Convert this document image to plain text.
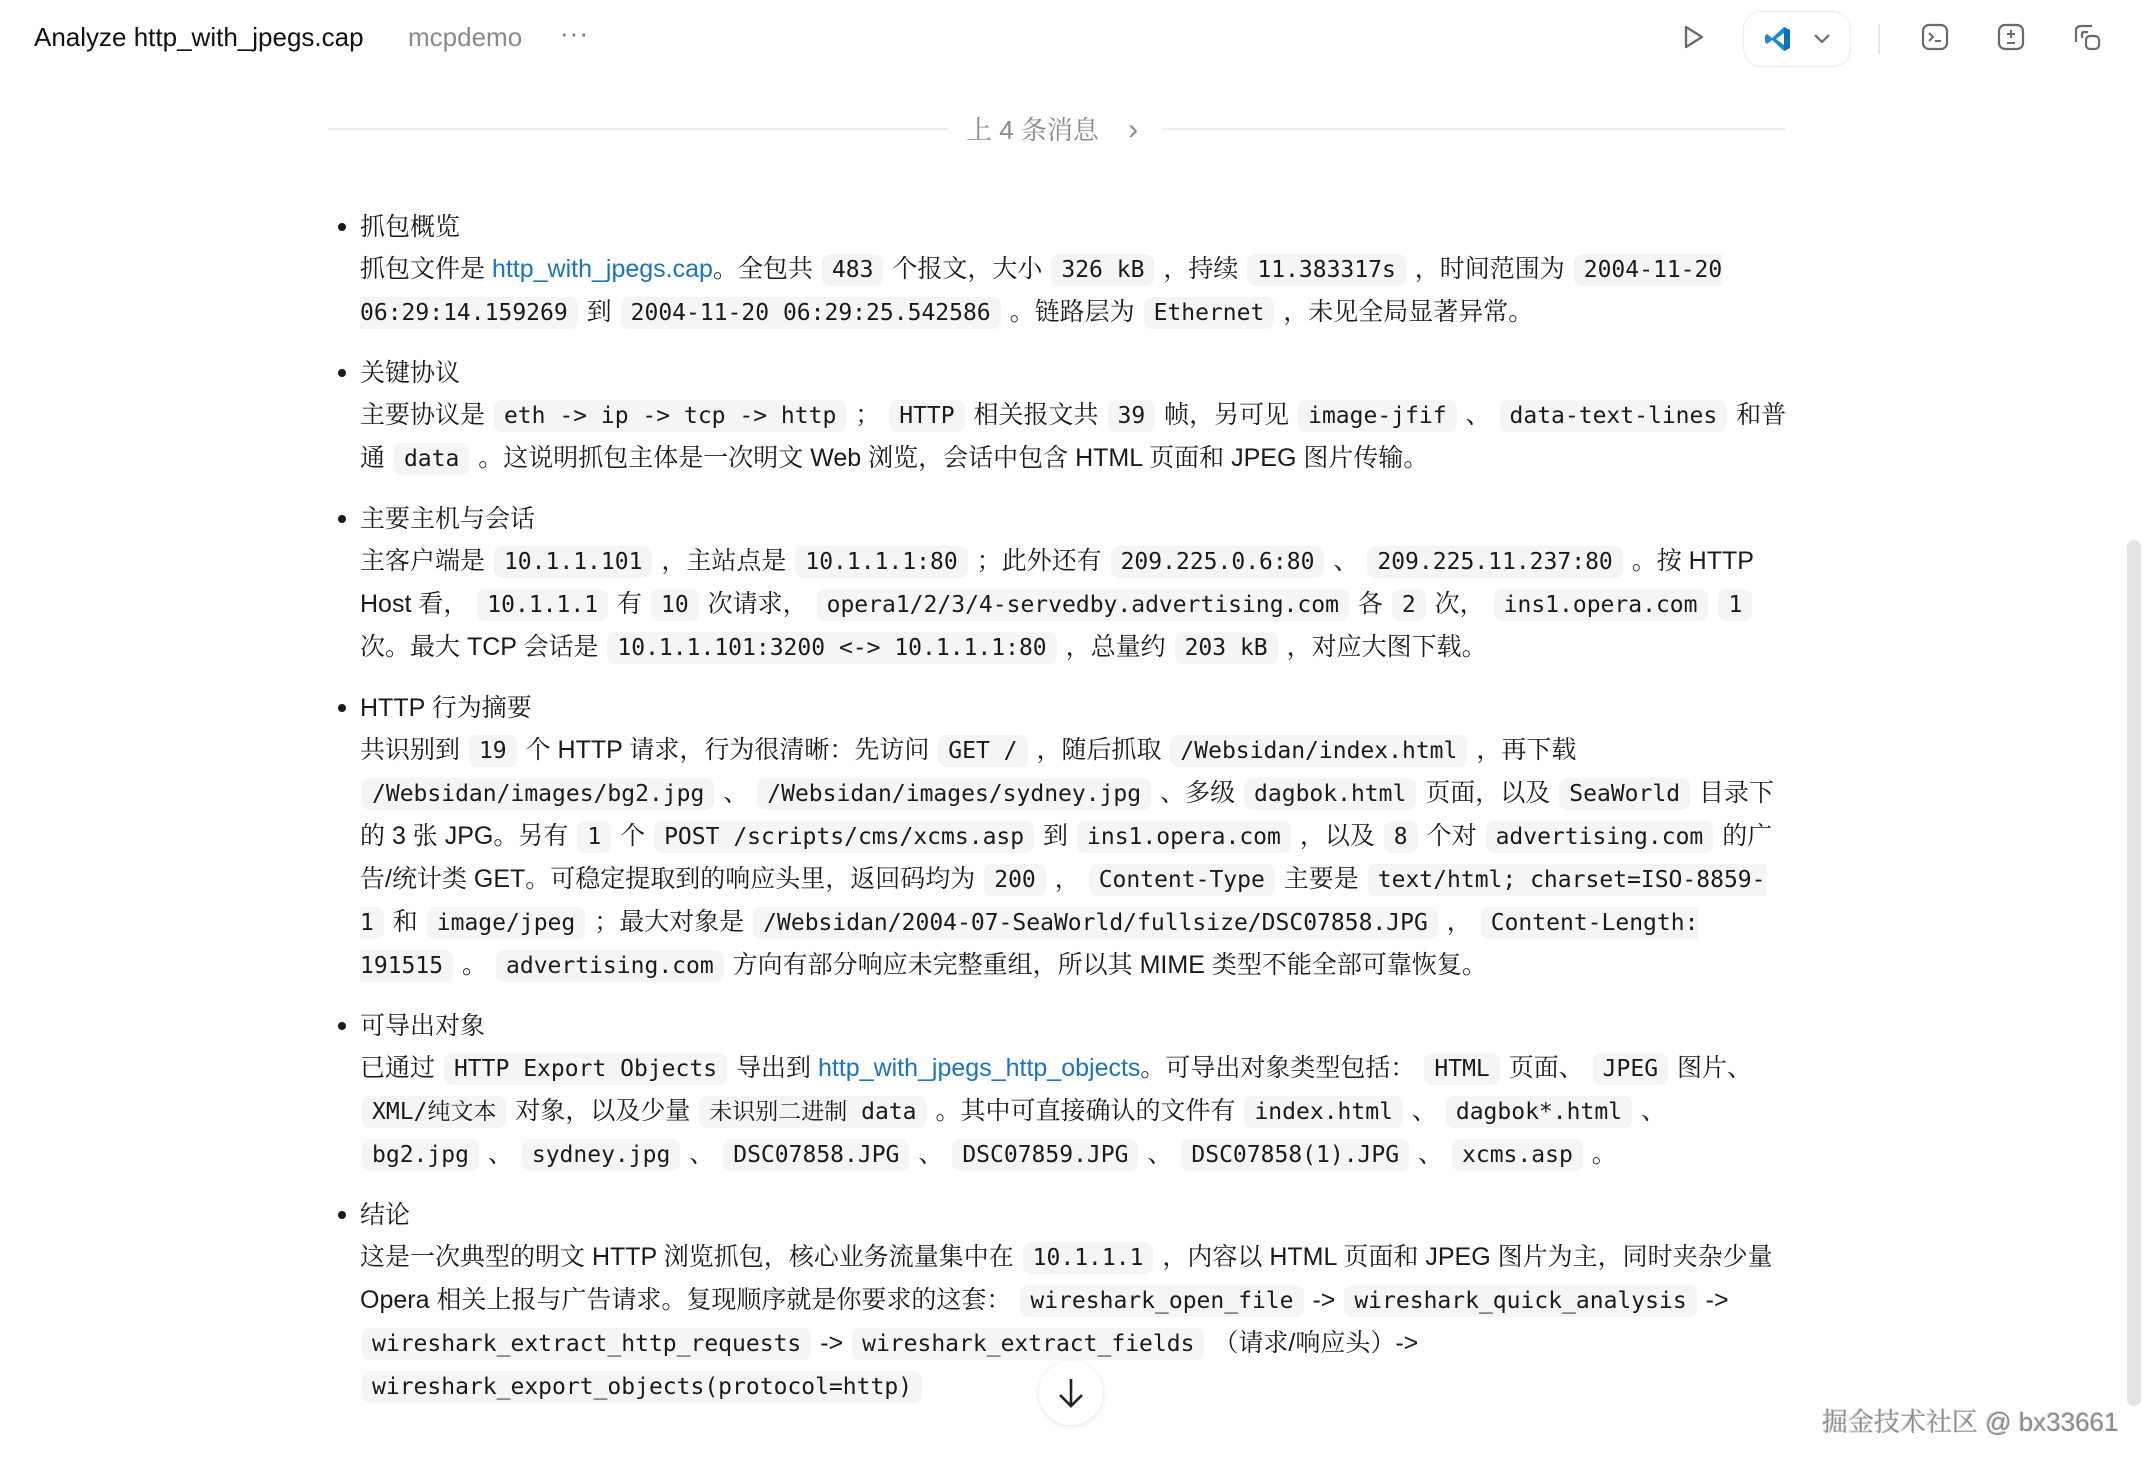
Analyze http_with_jpegs.cap mcpdemo ···
上 4 条消息 ›
抓包概览
抓包文件是 http_with_jpegs.cap。全包共 483 个报文，大小 326 kB ，持续 11.383317s ，时间范围为 2004-11-20 06:29:14.159269 到 2004-11-20 06:29:25.542586 。链路层为 Ethernet ，未见全局显著异常。
关键协议
主要协议是 eth -> ip -> tcp -> http ； HTTP 相关报文共 39 帧，另可见 image-jfif 、 data-text-lines 和普通 data 。这说明抓包主体是一次明文 Web 浏览，会话中包含 HTML 页面和 JPEG 图片传输。
主要主机与会话
主客户端是 10.1.1.101 ，主站点是 10.1.1.1:80 ；此外还有 209.225.0.6:80 、 209.225.11.237:80 。按 HTTP Host 看， 10.1.1.1 有 10 次请求， opera1/2/3/4-servedby.advertising.com 各 2 次， ins1.opera.com 1 次。最大 TCP 会话是 10.1.1.101:3200 <-> 10.1.1.1:80 ，总量约 203 kB ，对应大图下载。
HTTP 行为摘要
共识别到 19 个 HTTP 请求，行为很清晰：先访问 GET / ，随后抓取 /Websidan/index.html ，再下载 /Websidan/images/bg2.jpg 、 /Websidan/images/sydney.jpg 、多级 dagbok.html 页面，以及 SeaWorld 目录下的 3 张 JPG。另有 1 个 POST /scripts/cms/xcms.asp 到 ins1.opera.com ，以及 8 个对 advertising.com 的广告/统计类 GET。可稳定提取到的响应头里，返回码均为 200 ， Content-Type 主要是 text/html; charset=ISO-8859-1 和 image/jpeg ；最大对象是 /Websidan/2004-07-SeaWorld/fullsize/DSC07858.JPG ， Content-Length: 191515 。 advertising.com 方向有部分响应未完整重组，所以其 MIME 类型不能全部可靠恢复。
可导出对象
已通过 HTTP Export Objects 导出到 http_with_jpegs_http_objects。可导出对象类型包括： HTML 页面、 JPEG 图片、 XML/纯文本 对象，以及少量 未识别二进制 data 。其中可直接确认的文件有 index.html 、 dagbok*.html 、 bg2.jpg 、 sydney.jpg 、 DSC07858.JPG 、 DSC07859.JPG 、 DSC07858(1).JPG 、 xcms.asp 。
结论
这是一次典型的明文 HTTP 浏览抓包，核心业务流量集中在 10.1.1.1 ，内容以 HTML 页面和 JPEG 图片为主，同时夹杂少量 Opera 相关上报与广告请求。复现顺序就是你要求的这套： wireshark_open_file -> wireshark_quick_analysis -> wireshark_extract_http_requests -> wireshark_extract_fields （请求/响应头）-> wireshark_export_objects(protocol=http)
掘金技术社区 @ bx33661
